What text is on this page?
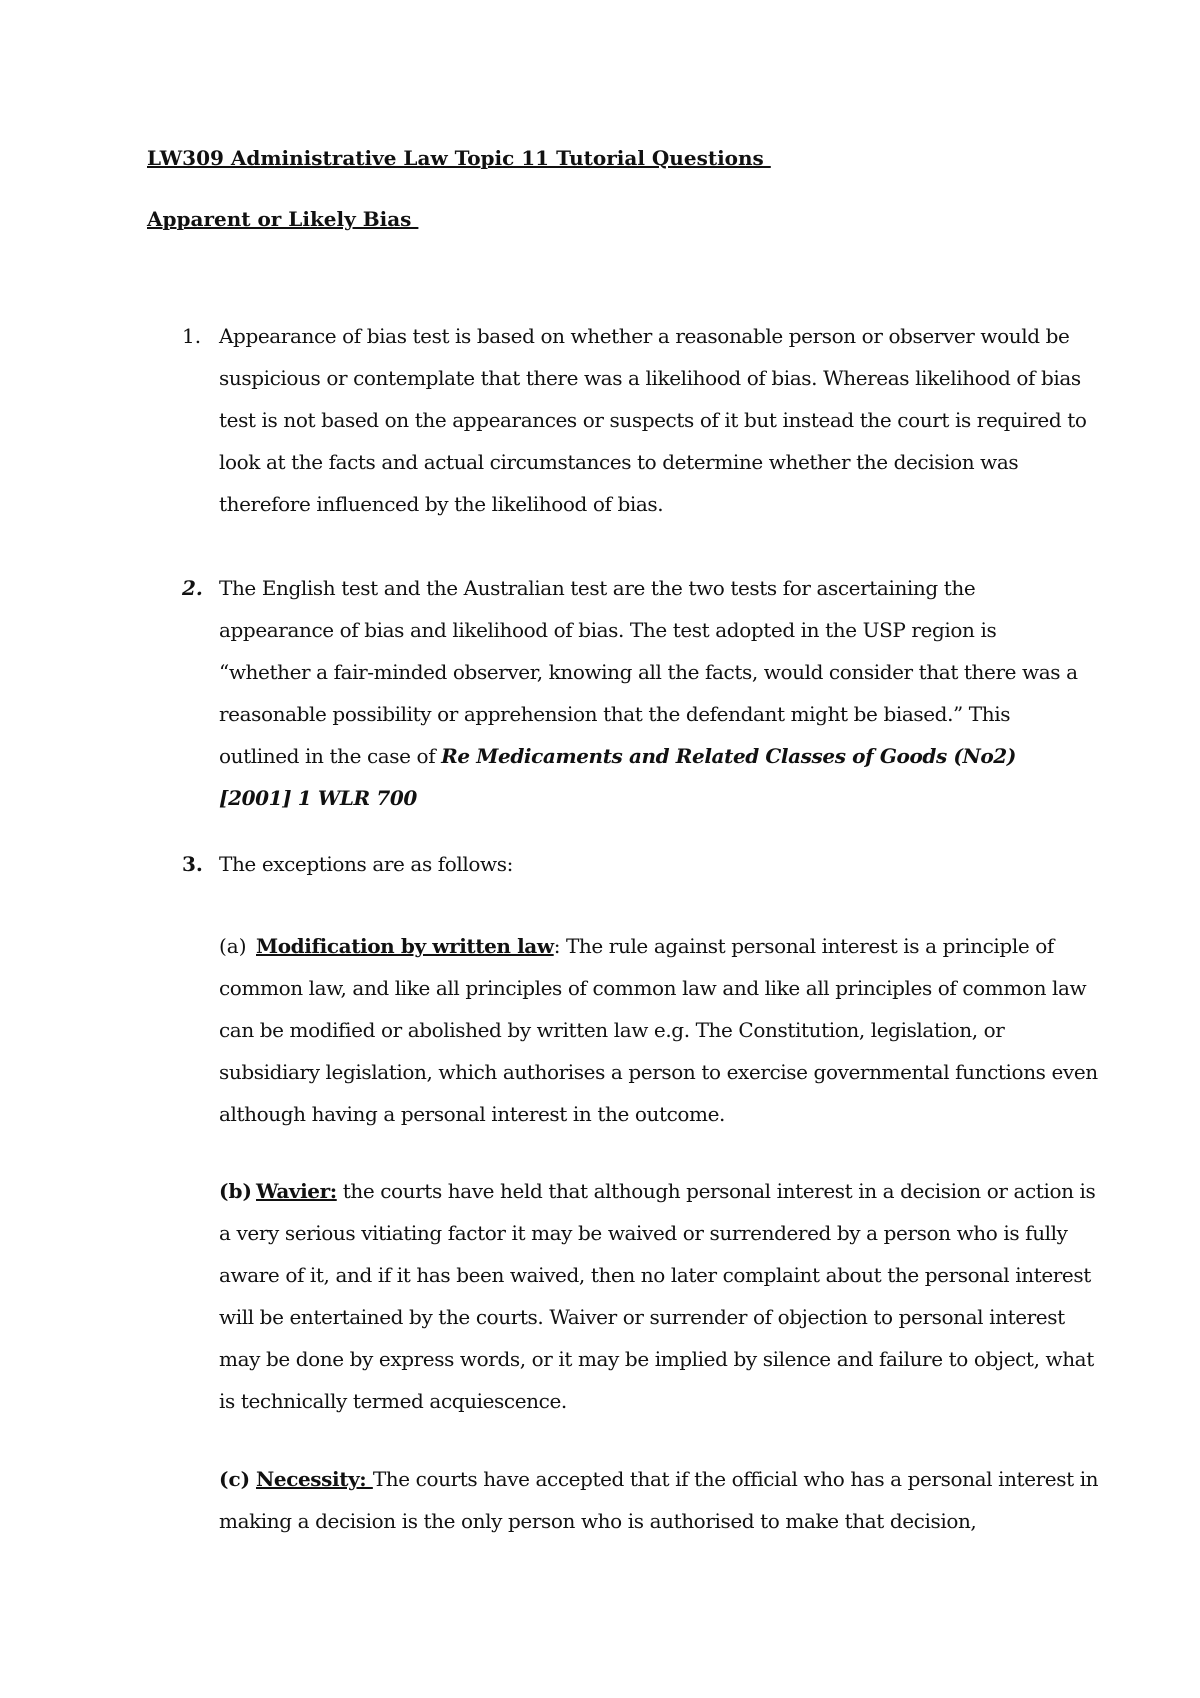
LW309 Administrative Law Topic 11 Tutorial Questions
Apparent or Likely Bias
1. Appearance of bias test is based on whether a reasonable person or observer would be suspicious or contemplate that there was a likelihood of bias. Whereas likelihood of bias test is not based on the appearances or suspects of it but instead the court is required to look at the facts and actual circumstances to determine whether the decision was therefore influenced by the likelihood of bias.
2. The English test and the Australian test are the two tests for ascertaining the appearance of bias and likelihood of bias. The test adopted in the USP region is “whether a fair-minded observer, knowing all the facts, would consider that there was a reasonable possibility or apprehension that the defendant might be biased.” This outlined in the case of Re Medicaments and Related Classes of Goods (No2) [2001] 1 WLR 700
3. The exceptions are as follows:
(a) Modification by written law: The rule against personal interest is a principle of common law, and like all principles of common law and like all principles of common law can be modified or abolished by written law e.g. The Constitution, legislation, or subsidiary legislation, which authorises a person to exercise governmental functions even although having a personal interest in the outcome.
(b) Wavier: the courts have held that although personal interest in a decision or action is a very serious vitiating factor it may be waived or surrendered by a person who is fully aware of it, and if it has been waived, then no later complaint about the personal interest will be entertained by the courts. Waiver or surrender of objection to personal interest may be done by express words, or it may be implied by silence and failure to object, what is technically termed acquiescence.
(c) Necessity: The courts have accepted that if the official who has a personal interest in making a decision is the only person who is authorised to make that decision,
